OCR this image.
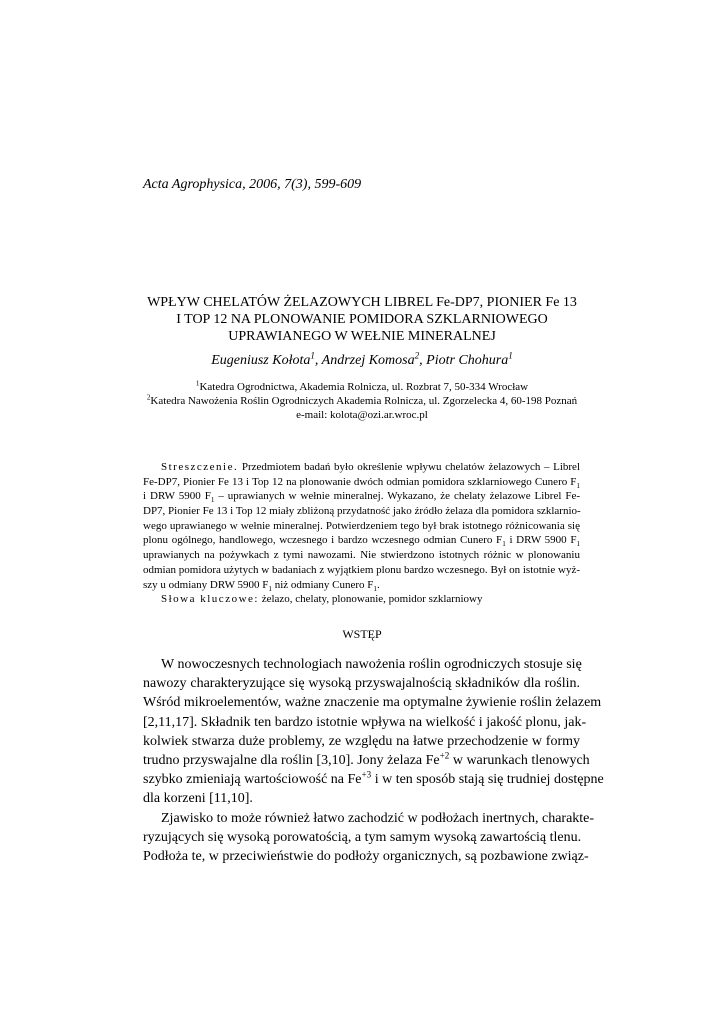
Acta Agrophysica, 2006, 7(3), 599-609
WPŁYW CHELATÓW ŻELAZOWYCH LIBREL Fe-DP7, PIONIER Fe 13
I TOP 12 NA PLONOWANIE POMIDORA SZKLARNIOWEGO
UPRAWIANEGO W WEŁNIE MINERALNEJ
Eugeniusz Kołota$^1$, Andrzej Komosa$^2$, Piotr Chohura$^1$
$^1$Katedra Ogrodnictwa, Akademia Rolnicza, ul. Rozbrat 7, 50-334 Wrocław
$^2$Katedra Nawożenia Roślin Ogrodniczych Akademia Rolnicza, ul. Zgorzelecka 4, 60-198 Poznań
e-mail: kolota@ozi.ar.wroc.pl
Streszczenie. Przedmiotem badań było określenie wpływu chelatów żelazowych – Librel
Fe-DP7, Pionier Fe 13 i Top 12 na plonowanie dwóch odmian pomidora szklarniowego Cunero $F_1$
i DRW 5900 $F_1$ – uprawianych w wełnie mineralnej. Wykazano, że chelaty żelazowe Librel Fe-
DP7, Pionier Fe 13 i Top 12 miały zbliżoną przydatność jako źródło żelaza dla pomidora szklarnio-
wego uprawianego w wełnie mineralnej. Potwierdzeniem tego był brak istotnego różnicowania się
plonu ogólnego, handlowego, wczesnego i bardzo wczesnego odmian Cunero $F_1$ i DRW 5900 $F_1$
uprawianych na pożywkach z tymi nawozami. Nie stwierdzono istotnych różnic w plonowaniu
odmian pomidora użytych w badaniach z wyjątkiem plonu bardzo wczesnego. Był on istotnie wyż-
szy u odmiany DRW 5900 $F_1$ niż odmiany Cunero $F_1$.
Słowa kluczowe: żelazo, chelaty, plonowanie, pomidor szklarniowy
WSTĘP
W nowoczesnych technologiach nawożenia roślin ogrodniczych stosuje się
nawozy charakteryzujące się wysoką przyswajalnością składników dla roślin.
Wśród mikroelementów, ważne znaczenie ma optymalne żywienie roślin żelazem
[2,11,17]. Składnik ten bardzo istotnie wpływa na wielkość i jakość plonu, jak-
kolwiek stwarza duże problemy, ze względu na łatwe przechodzenie w formy
trudno przyswajalne dla roślin [3,10]. Jony żelaza $Fe^{+2}$ w warunkach tlenowych
szybko zmieniają wartościowość na $Fe^{+3}$ i w ten sposób stają się trudniej dostępne
dla korzeni [11,10].
Zjawisko to może również łatwo zachodzić w podłożach inertnych, charakte-
ryzujących się wysoką porowatością, a tym samym wysoką zawartością tlenu.
Podłoża te, w przeciwieństwie do podłoży organicznych, są pozbawione związ-
